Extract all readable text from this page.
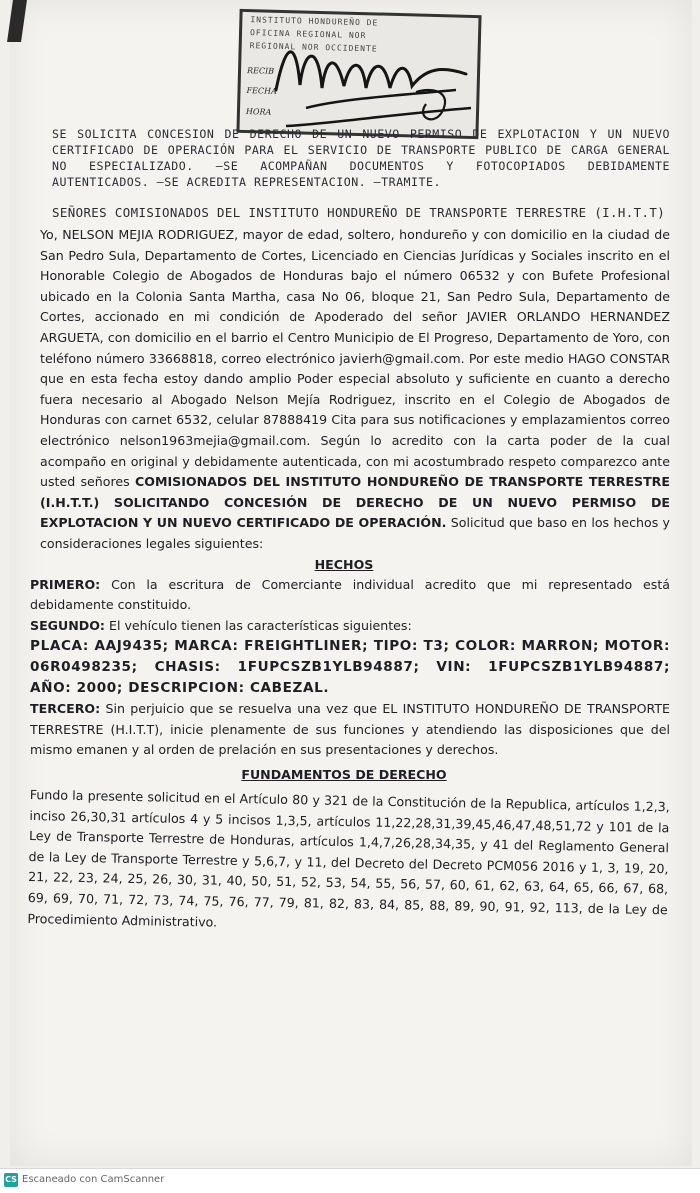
INSTITUTO HONDUREÑO DE
OFICINA REGIONAL NOR
REGIONAL NOR OCCIDENTE
RECIB
FECHA
HORA
SE SOLICITA CONCESION DE DERECHO DE UN NUEVO PERMISO DE EXPLOTACION Y UN NUEVO CERTIFICADO DE OPERACIÓN PARA EL SERVICIO DE TRANSPORTE PUBLICO DE CARGA GENERAL NO ESPECIALIZADO. –SE ACOMPAÑAN DOCUMENTOS Y FOTOCOPIADOS DEBIDAMENTE AUTENTICADOS. –SE ACREDITA REPRESENTACION. –TRAMITE.
SEÑORES COMISIONADOS DEL INSTITUTO HONDUREÑO DE TRANSPORTE TERRESTRE (I.H.T.T)

Yo, NELSON MEJIA RODRIGUEZ, mayor de edad, soltero, hondureño y con domicilio en la ciudad de San Pedro Sula, Departamento de Cortes, Licenciado en Ciencias Jurídicas y Sociales inscrito en el Honorable Colegio de Abogados de Honduras bajo el número 06532 y con Bufete Profesional ubicado en la Colonia Santa Martha, casa No 06, bloque 21, San Pedro Sula, Departamento de Cortes, accionado en mi condición de Apoderado del señor JAVIER ORLANDO HERNANDEZ ARGUETA, con domicilio en el barrio el Centro Municipio de El Progreso, Departamento de Yoro, con teléfono número 33668818, correo electrónico javierh@gmail.com. Por este medio HAGO CONSTAR que en esta fecha estoy dando amplio Poder especial absoluto y suficiente en cuanto a derecho fuera necesario al Abogado Nelson Mejía Rodriguez, inscrito en el Colegio de Abogados de Honduras con carnet 6532, celular 87888419 Cita para sus notificaciones y emplazamientos correo electrónico nelson1963mejia@gmail.com. Según lo acredito con la carta poder de la cual acompaño en original y debidamente autenticada, con mi acostumbrado respeto comparezco ante usted señores COMISIONADOS DEL INSTITUTO HONDUREÑO DE TRANSPORTE TERRESTRE (I.H.T.T.) SOLICITANDO CONCESIÓN DE DERECHO DE UN NUEVO PERMISO DE EXPLOTACION Y UN NUEVO CERTIFICADO DE OPERACIÓN. Solicitud que baso en los hechos y consideraciones legales siguientes:

HECHOS

PRIMERO: Con la escritura de Comerciante individual acredito que mi representado está debidamente constituido.
SEGUNDO: El vehículo tienen las características siguientes:
PLACA: AAJ9435; MARCA: FREIGHTLINER; TIPO: T3; COLOR: MARRON; MOTOR: 06R0498235; CHASIS: 1FUPCSZB1YLB94887; VIN: 1FUPCSZB1YLB94887; AÑO: 2000; DESCRIPCION: CABEZAL.
TERCERO: Sin perjuicio que se resuelva una vez que EL INSTITUTO HONDUREÑO DE TRANSPORTE TERRESTRE (H.I.T.T), inicie plenamente de sus funciones y atendiendo las disposiciones que del mismo emanen y al orden de prelación en sus presentaciones y derechos.

FUNDAMENTOS DE DERECHO

Fundo la presente solicitud en el Artículo 80 y 321 de la Constitución de la Republica, artículos 1,2,3, inciso 26,30,31 artículos 4 y 5 incisos 1,3,5, artículos 11,22,28,31,39,45,46,47,48,51,72 y 101 de la Ley de Transporte Terrestre de Honduras, artículos 1,4,7,26,28,34,35, y 41 del Reglamento General de la Ley de Transporte Terrestre y 5,6,7, y 11, del Decreto del Decreto PCM056 2016 y 1, 3, 19, 20, 21, 22, 23, 24, 25, 26, 30, 31, 40, 50, 51, 52, 53, 54, 55, 56, 57, 60, 61, 62, 63, 64, 65, 66, 67, 68, 69, 69, 70, 71, 72, 73, 74, 75, 76, 77, 79, 81, 82, 83, 84, 85, 88, 89, 90, 91, 92, 113, de la Ley de Procedimiento Administrativo.
CS Escaneado con CamScanner
